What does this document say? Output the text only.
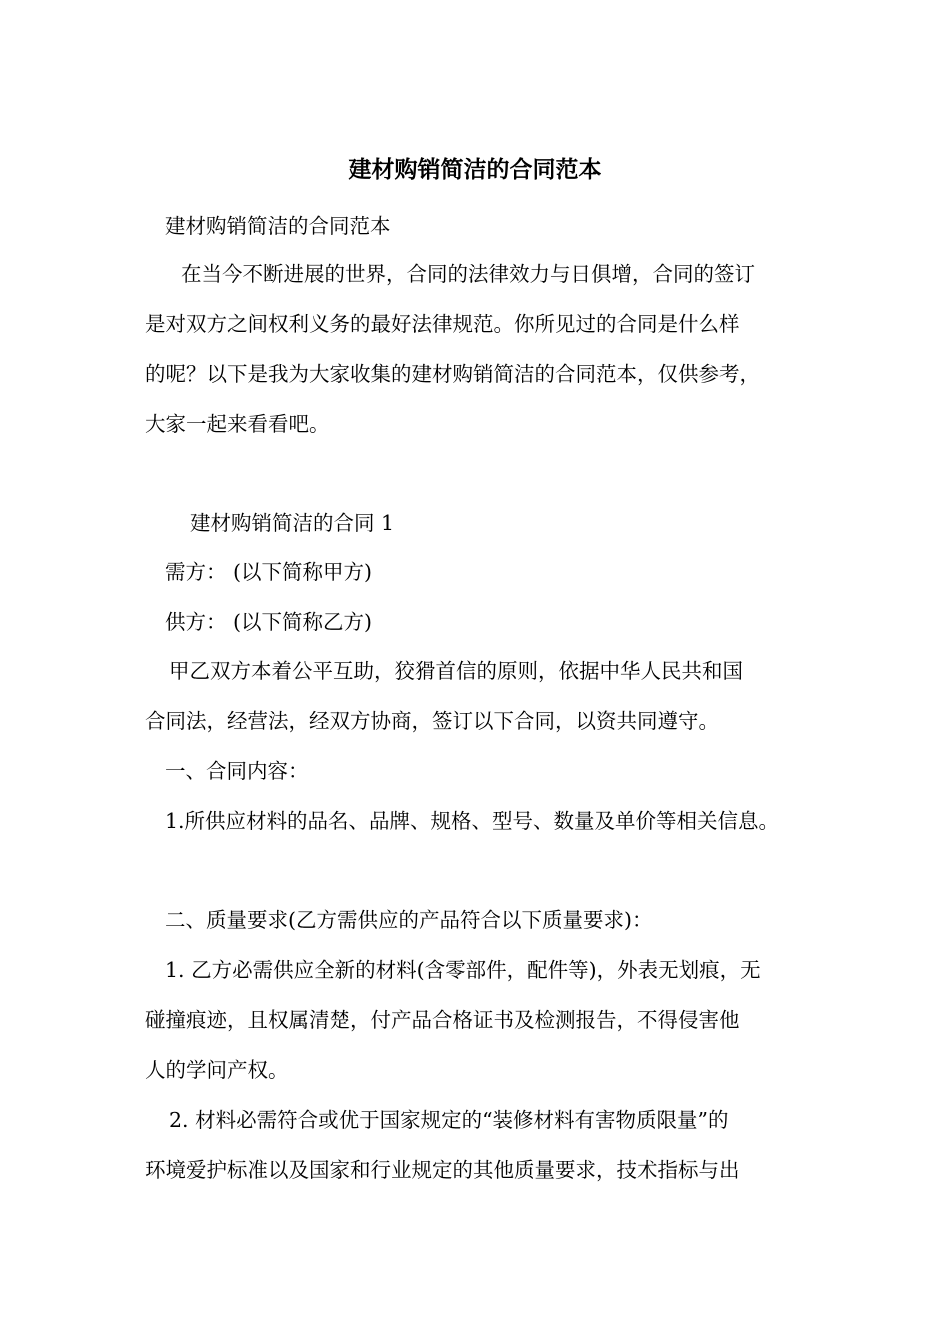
建材购销简洁的合同范本
建材购销简洁的合同范本
在当今不断进展的世界，合同的法律效力与日俱增，合同的签订
是对双方之间权利义务的最好法律规范。你所见过的合同是什么样
的呢？以下是我为大家收集的建材购销简洁的合同范本，仅供参考，
大家一起来看看吧。
建材购销简洁的合同 1
需方： (以下简称甲方)
供方： (以下简称乙方)
甲乙双方本着公平互助，狡猾首信的原则，依据中华人民共和国
合同法，经营法，经双方协商，签订以下合同，以资共同遵守。
一、合同内容：
1.所供应材料的品名、品牌、规格、型号、数量及单价等相关信息。
二、质量要求(乙方需供应的产品符合以下质量要求)：
1. 乙方必需供应全新的材料(含零部件，配件等)，外表无划痕，无
碰撞痕迹，且权属清楚，付产品合格证书及检测报告，不得侵害他
人的学问产权。
2. 材料必需符合或优于国家规定的“装修材料有害物质限量”的
环境爱护标准以及国家和行业规定的其他质量要求，技术指标与出
